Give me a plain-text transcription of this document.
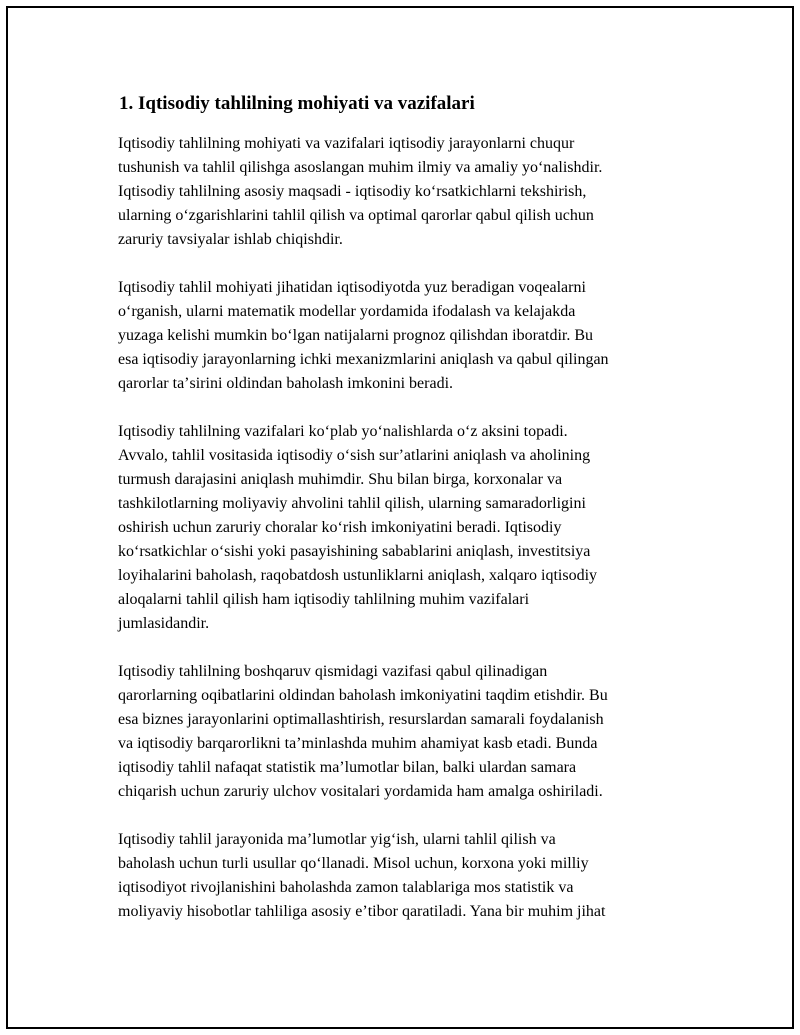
1. Iqtisodiy tahlilning mohiyati va vazifalari

Iqtisodiy tahlilning mohiyati va vazifalari iqtisodiy jarayonlarni chuqur
tushunish va tahlil qilishga asoslangan muhim ilmiy va amaliy yoʻnalishdir.
Iqtisodiy tahlilning asosiy maqsadi - iqtisodiy koʻrsatkichlarni tekshirish,
ularning oʻzgarishlarini tahlil qilish va optimal qarorlar qabul qilish uchun
zaruriy tavsiyalar ishlab chiqishdir.

Iqtisodiy tahlil mohiyati jihatidan iqtisodiyotda yuz beradigan voqealarni
oʻrganish, ularni matematik modellar yordamida ifodalash va kelajakda
yuzaga kelishi mumkin boʻlgan natijalarni prognoz qilishdan iboratdir. Bu
esa iqtisodiy jarayonlarning ichki mexanizmlarini aniqlash va qabul qilingan
qarorlar taʼsirini oldindan baholash imkonini beradi.

Iqtisodiy tahlilning vazifalari koʻplab yoʻnalishlarda oʻz aksini topadi.
Avvalo, tahlil vositasida iqtisodiy oʻsish surʼatlarini aniqlash va aholining
turmush darajasini aniqlash muhimdir. Shu bilan birga, korxonalar va
tashkilotlarning moliyaviy ahvolini tahlil qilish, ularning samaradorligini
oshirish uchun zaruriy choralar koʻrish imkoniyatini beradi. Iqtisodiy
koʻrsatkichlar oʻsishi yoki pasayishining sabablarini aniqlash, investitsiya
loyihalarini baholash, raqobatdosh ustunliklarni aniqlash, xalqaro iqtisodiy
aloqalarni tahlil qilish ham iqtisodiy tahlilning muhim vazifalari
jumlasidandir.

Iqtisodiy tahlilning boshqaruv qismidagi vazifasi qabul qilinadigan
qarorlarning oqibatlarini oldindan baholash imkoniyatini taqdim etishdir. Bu
esa biznes jarayonlarini optimallashtirish, resurslardan samarali foydalanish
va iqtisodiy barqarorlikni taʼminlashda muhim ahamiyat kasb etadi. Bunda
iqtisodiy tahlil nafaqat statistik maʼlumotlar bilan, balki ulardan samara
chiqarish uchun zaruriy ulchov vositalari yordamida ham amalga oshiriladi.

Iqtisodiy tahlil jarayonida maʼlumotlar yigʻish, ularni tahlil qilish va
baholash uchun turli usullar qoʻllanadi. Misol uchun, korxona yoki milliy
iqtisodiyot rivojlanishini baholashda zamon talablariga mos statistik va
moliyaviy hisobotlar tahliliga asosiy eʼtibor qaratiladi. Yana bir muhim jihat
